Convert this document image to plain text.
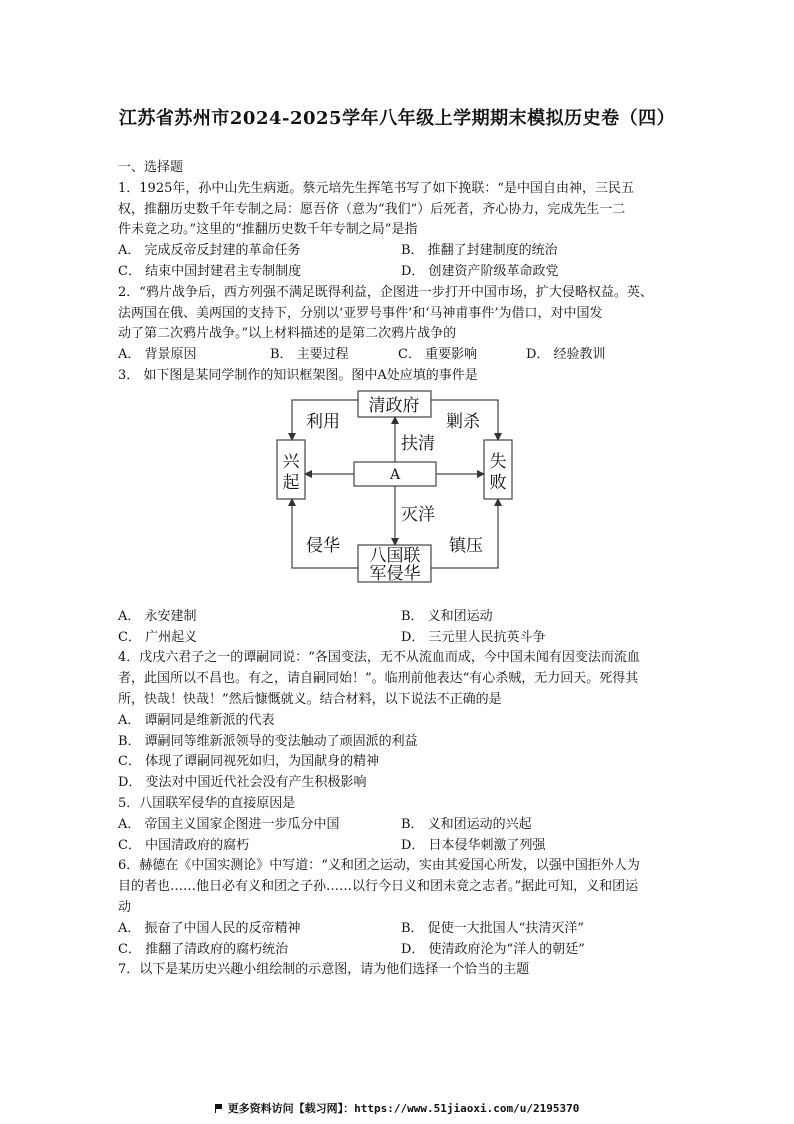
江苏省苏州市2024-2025学年八年级上学期期末模拟历史卷（四）
一、选择题
1．1925年，孙中山先生病逝。蔡元培先生挥笔书写了如下挽联：“是中国自由神，三民五
权，推翻历史数千年专制之局：愿吾侪（意为“我们”）后死者，齐心协力，完成先生一二
件未竟之功。”这里的“推翻历史数千年专制之局”是指
A． 完成反帝反封建的革命任务	B． 推翻了封建制度的统治
C． 结束中国封建君主专制制度	D． 创建资产阶级革命政党
2．“鸦片战争后，西方列强不满足既得利益，企图进一步打开中国市场，扩大侵略权益。英、
法两国在俄、美两国的支持下，分别以‘亚罗号事件’和‘马神甫事件’为借口，对中国发
动了第二次鸦片战争。”以上材料描述的是第二次鸦片战争的
A． 背景原因	B． 主要过程	C． 重要影响	D． 经验教训
3． 如下图是某同学制作的知识框架图。图中A处应填的事件是
清政府
兴
起
失
败
八国联
军侵华
A
利用	剿杀
扶清
灭洋
侵华	镇压
A． 永安建制	B． 义和团运动
C． 广州起义	D． 三元里人民抗英斗争
4．戊戌六君子之一的谭嗣同说：“各国变法，无不从流血而成，今中国未闻有因变法而流血
者，此国所以不昌也。有之，请自嗣同始！”。临刑前他表达“有心杀贼，无力回天。死得其
所，快哉！快哉！”然后慷慨就义。结合材料，以下说法不正确的是
A． 谭嗣同是维新派的代表
B． 谭嗣同等维新派领导的变法触动了顽固派的利益
C． 体现了谭嗣同视死如归，为国献身的精神
D． 变法对中国近代社会没有产生积极影响
5．八国联军侵华的直接原因是
A． 帝国主义国家企图进一步瓜分中国	B． 义和团运动的兴起
C． 中国清政府的腐朽	D． 日本侵华刺激了列强
6．赫德在《中国实测论》中写道：“义和团之运动，实由其爱国心所发，以强中国拒外人为
目的者也……他日必有义和团之子孙……以行今日义和团未竟之志者。”据此可知，义和团运
动
A． 振奋了中国人民的反帝精神	B． 促使一大批国人“扶清灭洋”
C． 推翻了清政府的腐朽统治	D． 使清政府沦为“洋人的朝廷”
7．以下是某历史兴趣小组绘制的示意图，请为他们选择一个恰当的主题
更多资料访问【载习网】：https://www.51jiaoxi.com/u/2195370
